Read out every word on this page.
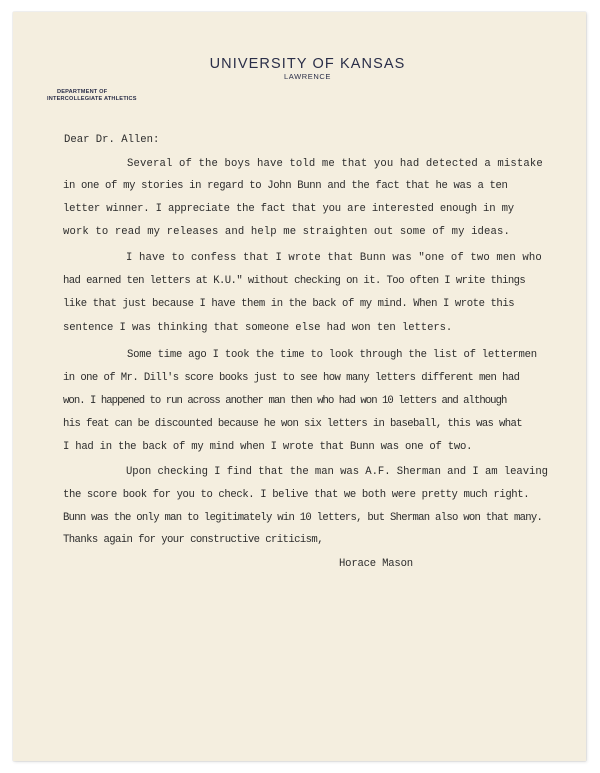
UNIVERSITY OF KANSAS
LAWRENCE
DEPARTMENT OF
INTERCOLLEGIATE ATHLETICS
Dear Dr. Allen:
Several of the boys have told me that you had detected a mistake
in one of my stories in regard to John Bunn and the fact that he was a ten
letter winner. I appreciate the fact that you are interested enough in my
work to read my releases and help me straighten out some of my ideas.
I have to confess that I wrote that Bunn was "one of two men who
had earned ten letters at K.U." without checking on it. Too often I write things
like that just because I have them in the back of my mind. When I wrote this
sentence I was thinking that someone else had won ten letters.
Some time ago I took the time to look through the list of lettermen
in one of Mr. Dill's score books just to see how many letters different men had
won. I happened to run across another man then who had won 10 letters and although
his feat can be discounted because he won six letters in baseball, this was what
I had in the back of my mind when I wrote that Bunn was one of two.
Upon checking I find that the man was A.F. Sherman and I am leaving
the score book for you to check. I belive that we both were pretty much right.
Bunn was the only man to legitimately win 10 letters, but Sherman also won that many.
Thanks again for your constructive criticism,
Horace Mason
